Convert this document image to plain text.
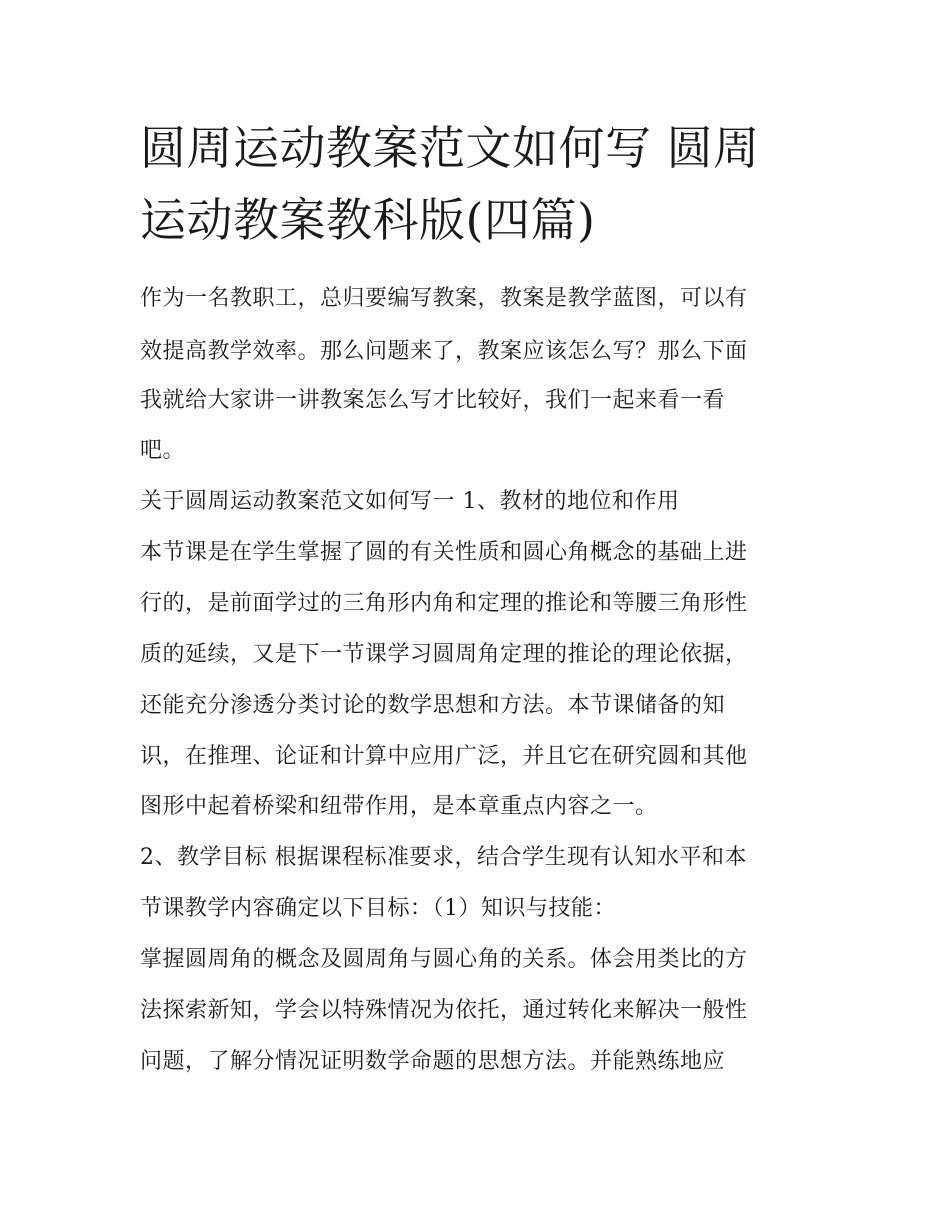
圆周运动教案范文如何写 圆周
运动教案教科版(四篇)

作为一名教职工，总归要编写教案，教案是教学蓝图，可以有

效提高教学效率。那么问题来了，教案应该怎么写？那么下面

我就给大家讲一讲教案怎么写才比较好，我们一起来看一看

吧。

关于圆周运动教案范文如何写一 1、教材的地位和作用

本节课是在学生掌握了圆的有关性质和圆心角概念的基础上进

行的，是前面学过的三角形内角和定理的推论和等腰三角形性

质的延续，又是下一节课学习圆周角定理的推论的理论依据，

还能充分渗透分类讨论的数学思想和方法。本节课储备的知

识，在推理、论证和计算中应用广泛，并且它在研究圆和其他

图形中起着桥梁和纽带作用，是本章重点内容之一。

2、教学目标 根据课程标准要求，结合学生现有认知水平和本

节课教学内容确定以下目标：（1）知识与技能：

掌握圆周角的概念及圆周角与圆心角的关系。体会用类比的方

法探索新知，学会以特殊情况为依托，通过转化来解决一般性

问题，了解分情况证明数学命题的思想方法。并能熟练地应
